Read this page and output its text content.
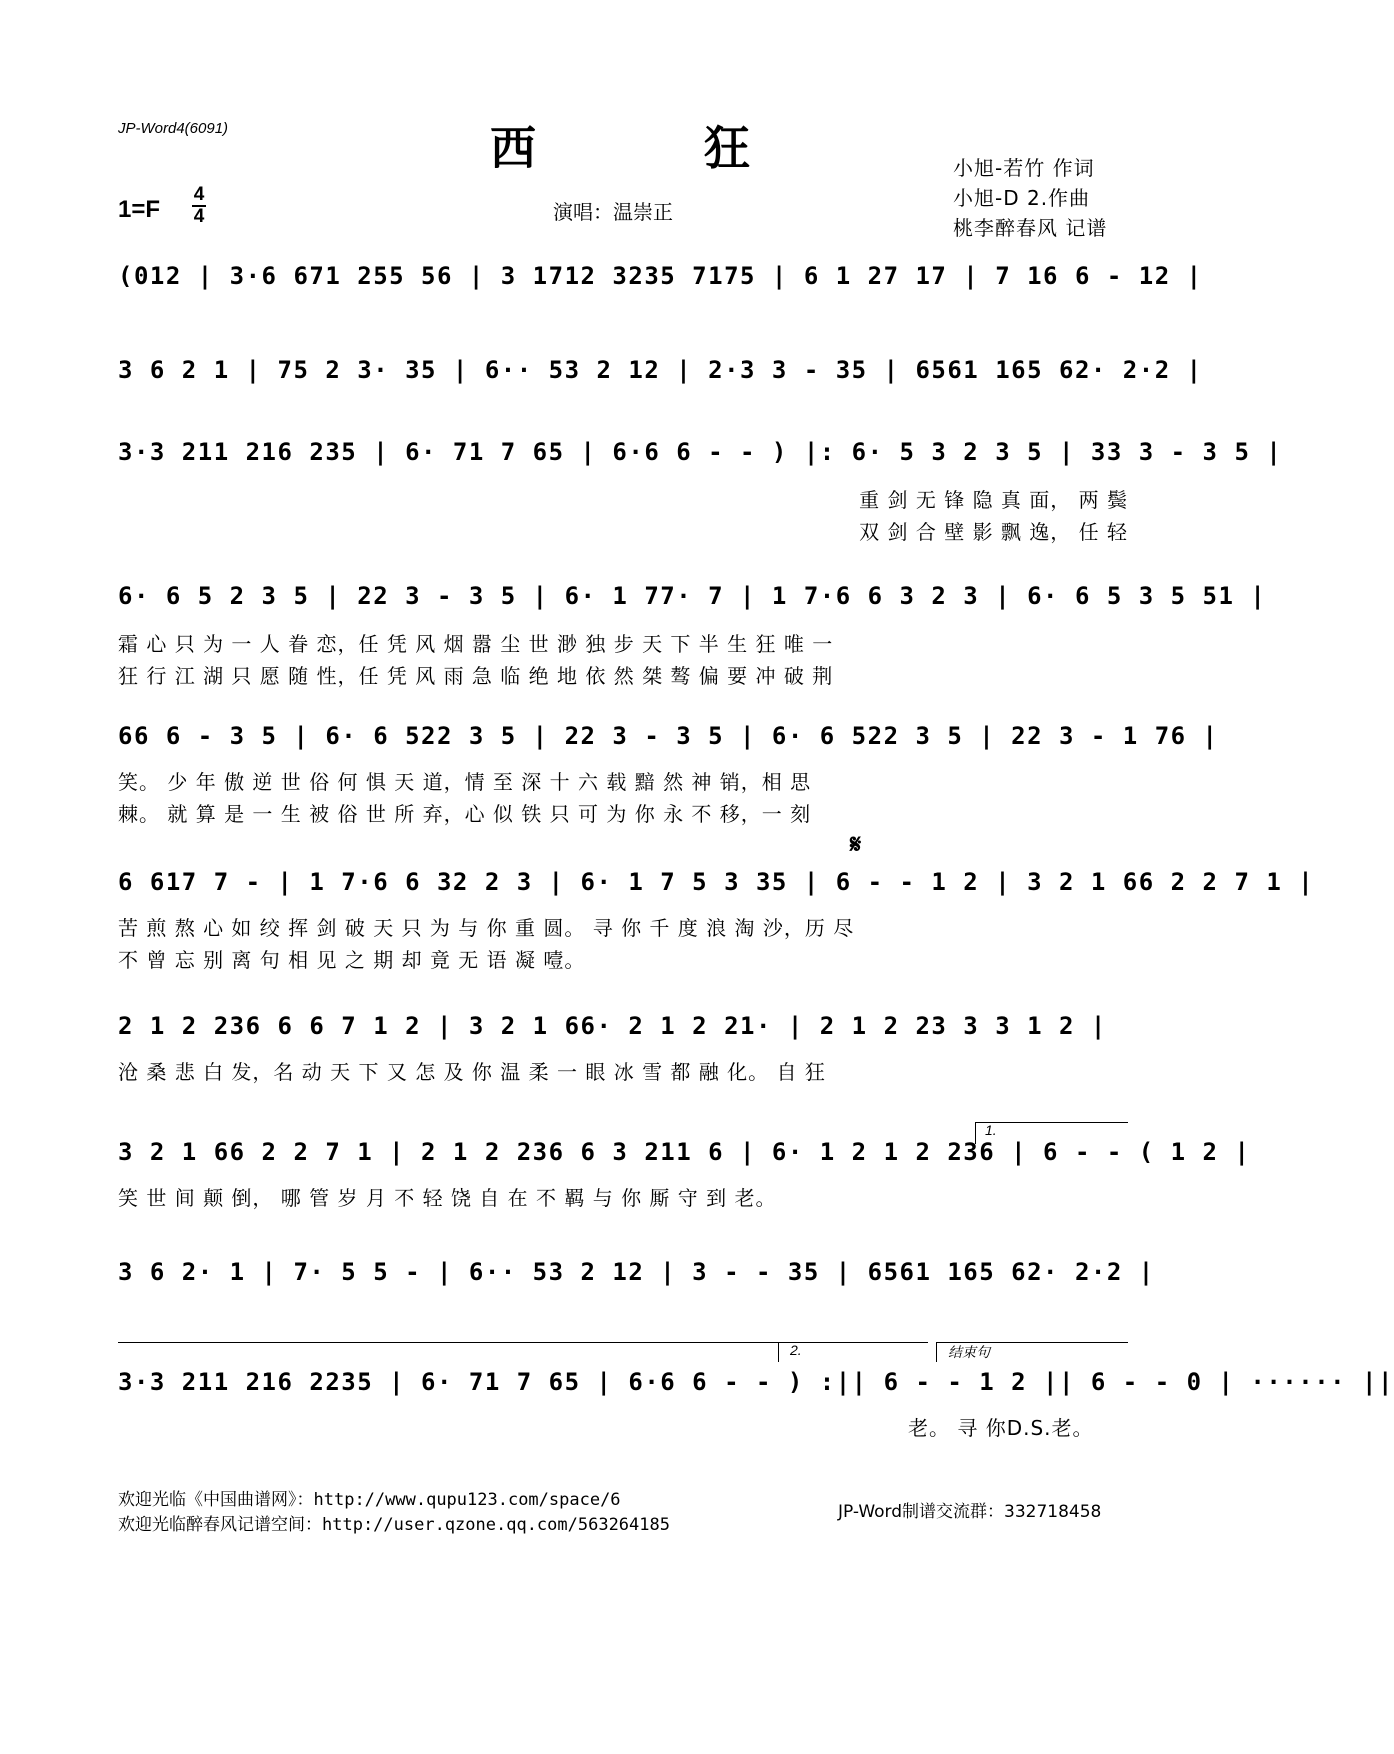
JP-Word4(6091)	西	狂	小旭-若竹 作词
小旭-D 2.作曲
桃李醉春风 记谱
1=F
4
4	演唱：温崇正
(012 | 3·6 671 255 56 | 3 1712 3235 7175 | 6 1 27 17 | 7 16 6 - 12 |
3 6 2 1 | 75 2 3· 35 | 6·· 53 2 12 | 2·3 3 - 35 | 6561 165 62· 2·2 |
3·3 211 216 235 | 6· 71 7 65 | 6·6 6 - - ) |: 6· 5 3 2 3 5 | 33 3 - 3 5 |
重 剑 无 锋 隐 真 面， 两 鬓
双 剑 合 壁 影 飘 逸， 任 轻
6· 6 5 2 3 5 | 22 3 - 3 5 | 6· 1 77· 7 | 1 7·6 6 3 2 3 | 6· 6 5 3 5 51 |
霜 心 只 为 一 人 眷 恋，任 凭 风 烟 嚣 尘 世 渺 独 步 天 下 半 生 狂 唯 一
狂 行 江 湖 只 愿 随 性，任 凭 风 雨 急 临 绝 地 依 然 桀 骜 偏 要 冲 破 荆
66 6 - 3 5 | 6· 6 522 3 5 | 22 3 - 3 5 | 6· 6 522 3 5 | 22 3 - 1 76 |
笑。 少 年 傲 逆 世 俗 何 惧 天 道，情 至 深 十 六 载 黯 然 神 销，相 思
棘。 就 算 是 一 生 被 俗 世 所 弃，心 似 铁 只 可 为 你 永 不 移，一 刻
𝄋
6 617 7 - | 1 7·6 6 32 2 3 | 6· 1 7 5 3 35 | 6 - - 1 2 | 3 2 1 66 2 2 7 1 |
苦 煎 熬 心 如 绞 挥 剑 破 天 只 为 与 你 重 圆。 寻 你 千 度 浪 淘 沙，历 尽
不 曾 忘 别 离 句 相 见 之 期 却 竟 无 语 凝 噎。
2 1 2 236 6 6 7 1 2 | 3 2 1 66· 2 1 2 21· | 2 1 2 23 3 3 1 2 |
沧 桑 悲 白 发，名 动 天 下 又 怎 及 你 温 柔 一 眼 冰 雪 都 融 化。 自 狂
1.
3 2 1 66 2 2 7 1 | 2 1 2 236 6 3 211 6 | 6· 1 2 1 2 236 | 6 - - ( 1 2 |
笑 世 间 颠 倒， 哪 管 岁 月 不 轻 饶 自 在 不 羁 与 你 厮 守 到 老。
3 6 2· 1 | 7· 5 5 - | 6·· 53 2 12 | 3 - - 35 | 6561 165 62· 2·2 |
2.	结束句
3·3 211 216 2235 | 6· 71 7 65 | 6·6 6 - - ) :|| 6 - - 1 2 || 6 - - 0 | ······ ||
老。 寻 你D.S.老。
欢迎光临《中国曲谱网》：http://www.qupu123.com/space/6
欢迎光临醉春风记谱空间：http://user.qzone.qq.com/563264185
JP-Word制谱交流群：332718458
